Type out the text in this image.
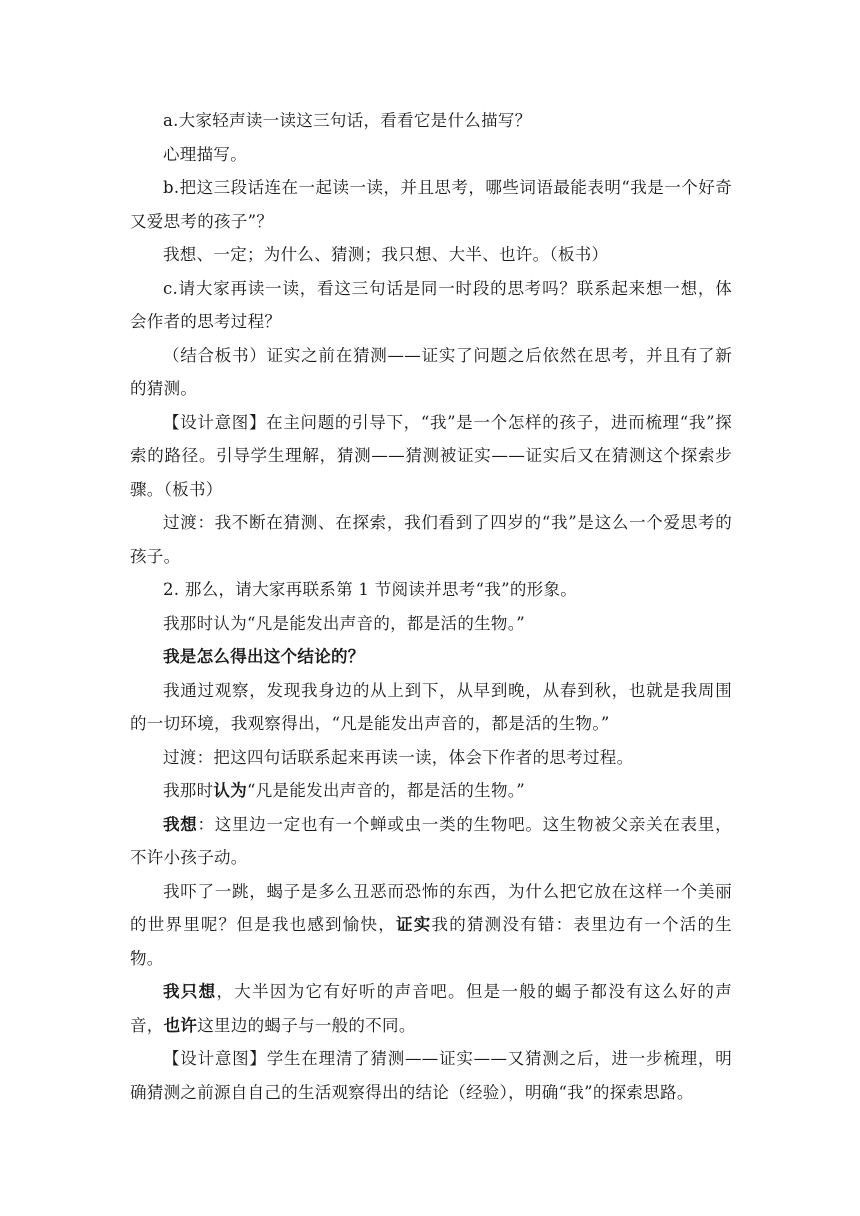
a.大家轻声读一读这三句话，看看它是什么描写？

心理描写。

b.把这三段话连在一起读一读，并且思考，哪些词语最能表明“我是一个好奇又爱思考的孩子”？

我想、一定；为什么、猜测；我只想、大半、也许。（板书）

c.请大家再读一读，看这三句话是同一时段的思考吗？联系起来想一想，体会作者的思考过程？

（结合板书）证实之前在猜测——证实了问题之后依然在思考，并且有了新的猜测。

【设计意图】在主问题的引导下，“我”是一个怎样的孩子，进而梳理“我”探索的路径。引导学生理解，猜测——猜测被证实——证实后又在猜测这个探索步骤。（板书）

过渡：我不断在猜测、在探索，我们看到了四岁的“我”是这么一个爱思考的孩子。

2. 那么，请大家再联系第 1 节阅读并思考“我”的形象。

我那时认为“凡是能发出声音的，都是活的生物。”

我是怎么得出这个结论的？

我通过观察，发现我身边的从上到下，从早到晚，从春到秋，也就是我周围的一切环境，我观察得出，“凡是能发出声音的，都是活的生物。”

过渡：把这四句话联系起来再读一读，体会下作者的思考过程。

我那时认为“凡是能发出声音的，都是活的生物。”

我想：这里边一定也有一个蝉或虫一类的生物吧。这生物被父亲关在表里，不许小孩子动。

我吓了一跳，蝎子是多么丑恶而恐怖的东西，为什么把它放在这样一个美丽的世界里呢？但是我也感到愉快，证实我的猜测没有错：表里边有一个活的生物。

我只想，大半因为它有好听的声音吧。但是一般的蝎子都没有这么好的声音，也许这里边的蝎子与一般的不同。

【设计意图】学生在理清了猜测——证实——又猜测之后，进一步梳理，明确猜测之前源自自己的生活观察得出的结论（经验），明确“我”的探索思路。
